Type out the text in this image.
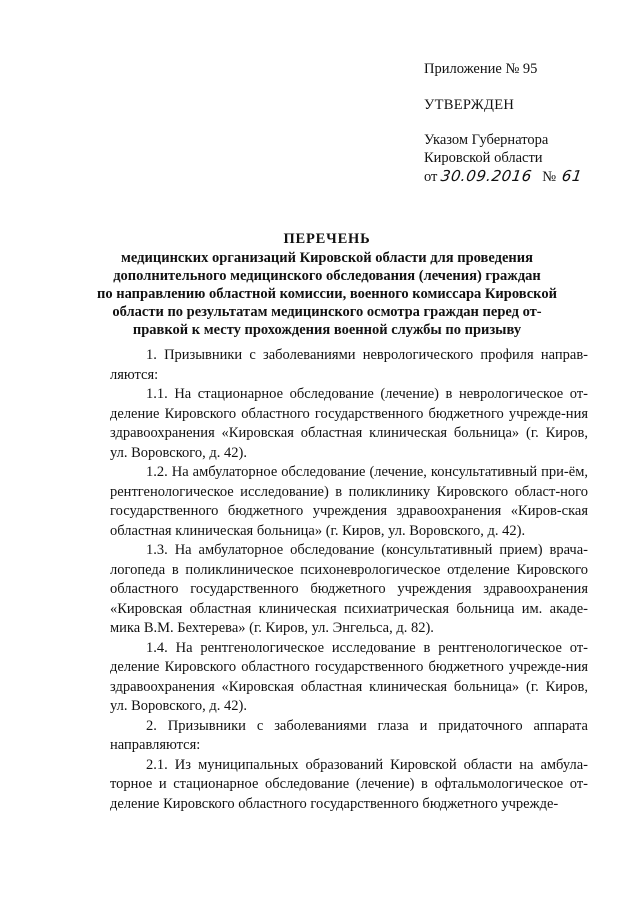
Приложение № 95

УТВЕРЖДЕН

Указом Губернатора
Кировской области
от 30.09.2016 № 61
ПЕРЕЧЕНЬ
медицинских организаций Кировской области для проведения
дополнительного медицинского обследования (лечения) граждан
по направлению областной комиссии, военного комиссара Кировской
области по результатам медицинского осмотра граждан перед от-
правкой к месту прохождения военной службы по призыву

1. Призывники с заболеваниями неврологического профиля направ-ляются:

1.1. На стационарное обследование (лечение) в неврологическое от-деление Кировского областного государственного бюджетного учрежде-ния здравоохранения «Кировская областная клиническая больница» (г. Киров, ул. Воровского, д. 42).

1.2. На амбулаторное обследование (лечение, консультативный при-ём, рентгенологическое исследование) в поликлинику Кировского област-ного государственного бюджетного учреждения здравоохранения «Киров-ская областная клиническая больница» (г. Киров, ул. Воровского, д. 42).

1.3. На амбулаторное обследование (консультативный прием) врача-логопеда в поликлиническое психоневрологическое отделение Кировского областного государственного бюджетного учреждения здравоохранения «Кировская областная клиническая психиатрическая больница им. акаде-мика В.М. Бехтерева» (г. Киров, ул. Энгельса, д. 82).

1.4. На рентгенологическое исследование в рентгенологическое от-деление Кировского областного государственного бюджетного учрежде-ния здравоохранения «Кировская областная клиническая больница» (г. Киров, ул. Воровского, д. 42).

2. Призывники с заболеваниями глаза и придаточного аппарата направляются:

2.1. Из муниципальных образований Кировской области на амбула-торное и стационарное обследование (лечение) в офтальмологическое от-деление Кировского областного государственного бюджетного учрежде-
